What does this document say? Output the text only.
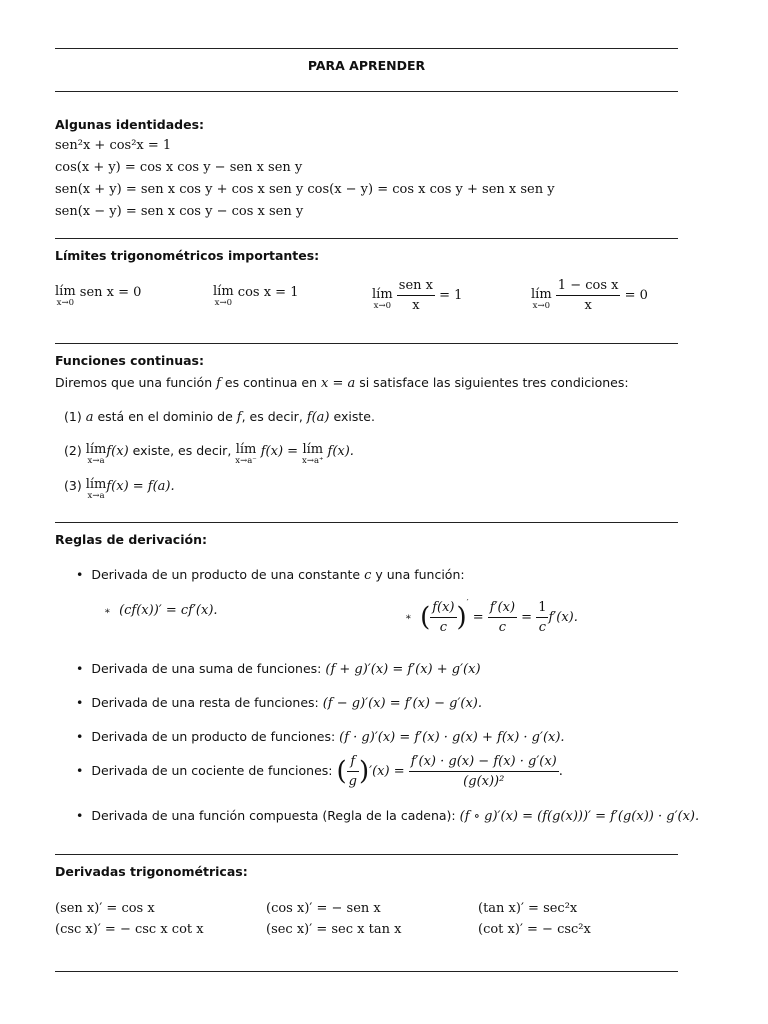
PARA APRENDER
Algunas identidades:
sen²x + cos²x = 1
cos(x + y) = cos x cos y − sen x sen y
sen(x + y) = sen x cos y + cos x sen y cos(x − y) = cos x cos y + sen x sen y
sen(x − y) = sen x cos y − cos x sen y
Límites trigonométricos importantes:
lím
x→0
sen x = 0	lím
x→0
cos x = 1	lím
x→0
$\frac{\text{sen x}}{x} = 1$	lím
x→0
$\frac{\text{1 − cos x}}{x} = 0$
Funciones continuas:
Diremos que una función f es continua en x = a si satisface las siguientes tres condiciones:
(1) a está en el dominio de f, es decir, f(a) existe.
(2) lím
x→a
f(x) existe, es decir, lím
x→a⁻
f(x) = lím
x→a⁺
f(x).
(3) lím
x→a
f(x) = f(a).
Reglas de derivación:
• Derivada de un producto de una constante c y una función:
∗ (cf(x))′ = cf′(x).	∗ ( $\frac{f(x)}{c} )' = \frac{f'(x)}{c} = \frac{1}{c} f'(x)$.
• Derivada de una suma de funciones: (f + g)′(x) = f′(x) + g′(x)
• Derivada de una resta de funciones: (f − g)′(x) = f′(x) − g′(x).
• Derivada de un producto de funciones: (f · g)′(x) = f′(x) · g(x) + f(x) · g′(x).
• Derivada de un cociente de funciones: ( $\frac{f}{g} )'(x) = \frac{f'(x) \cdot g(x) - f(x) \cdot g'(x)}{\text{(g(x))²}}$ .
• Derivada de una función compuesta (Regla de la cadena): (f ∘ g)′(x) = (f(g(x)))′ = f′(g(x)) · g′(x).
Derivadas trigonométricas:
(sen x)′ = cos x	(cos x)′ = − sen x	(tan x)′ = sec²x
(csc x)′ = − csc x cot x	(sec x)′ = sec x tan x	(cot x)′ = − csc²x
